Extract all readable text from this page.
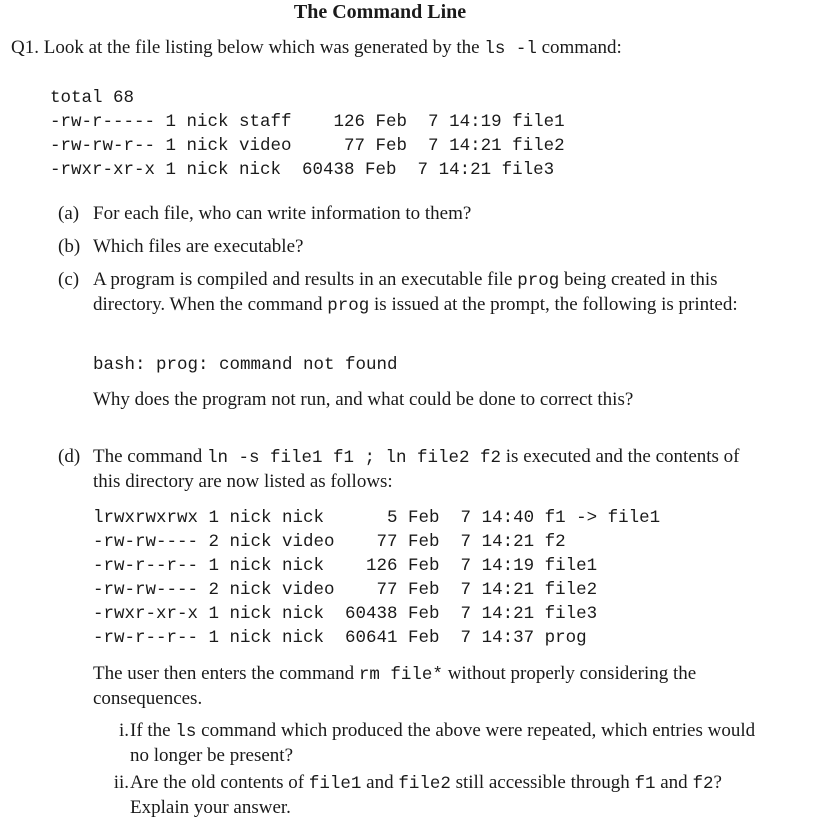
The Command Line
Q1. Look at the file listing below which was generated by the ls -l command:
total 68
-rw-r----- 1 nick staff    126 Feb  7 14:19 file1
-rw-rw-r-- 1 nick video     77 Feb  7 14:21 file2
-rwxr-xr-x 1 nick nick  60438 Feb  7 14:21 file3
(a) For each file, who can write information to them?
(b) Which files are executable?
(c) A program is compiled and results in an executable file prog being created in this directory. When the command prog is issued at the prompt, the following is printed:
bash: prog: command not found
Why does the program not run, and what could be done to correct this?
(d) The command ln -s file1 f1 ; ln file2 f2 is executed and the contents of this directory are now listed as follows:
lrwxrwxrwx 1 nick nick      5 Feb  7 14:40 f1 -> file1
-rw-rw---- 2 nick video    77 Feb  7 14:21 f2
-rw-r--r-- 1 nick nick    126 Feb  7 14:19 file1
-rw-rw---- 2 nick video    77 Feb  7 14:21 file2
-rwxr-xr-x 1 nick nick  60438 Feb  7 14:21 file3
-rw-r--r-- 1 nick nick  60641 Feb  7 14:37 prog
The user then enters the command rm file* without properly considering the consequences.
i. If the ls command which produced the above were repeated, which entries would no longer be present?
ii. Are the old contents of file1 and file2 still accessible through f1 and f2? Explain your answer.
